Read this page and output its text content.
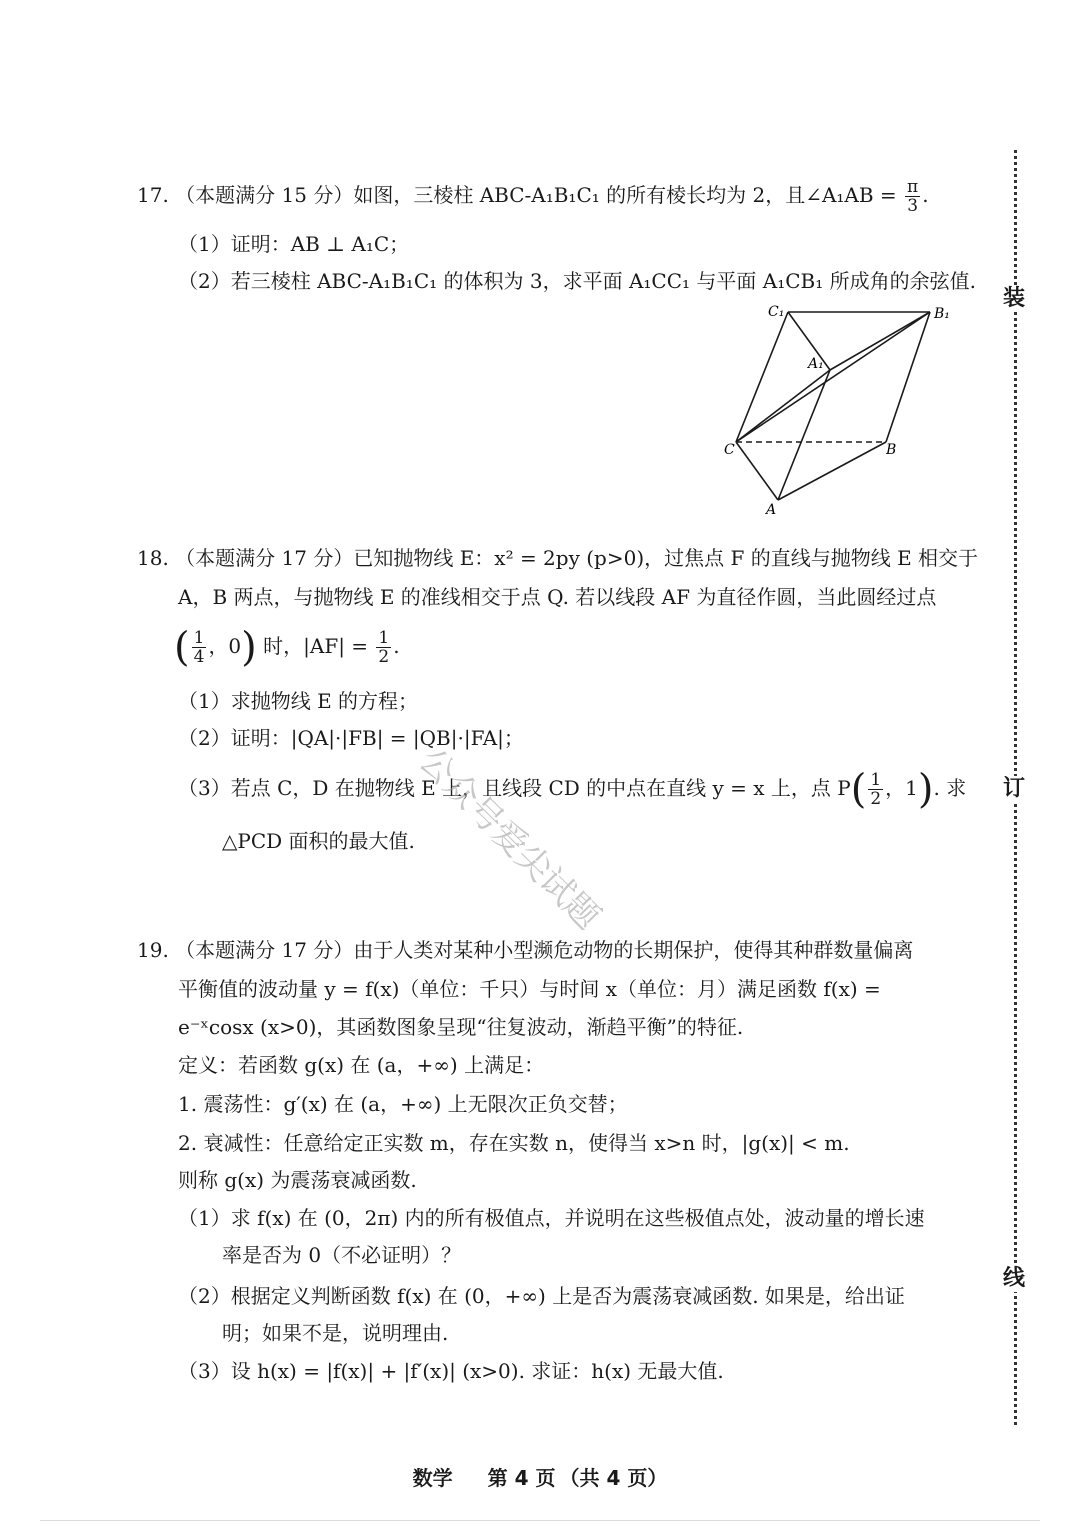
17. （本题满分 15 分）如图，三棱柱 ABC-A₁B₁C₁ 的所有棱长均为 2，且∠A₁AB = $\frac{\pi}{3}$ .
（1）证明：AB ⊥ A₁C；
（2）若三棱柱 ABC-A₁B₁C₁ 的体积为 3，求平面 A₁CC₁ 与平面 A₁CB₁ 所成角的余弦值.
C₁	B₁
A₁
C	B
A
18. （本题满分 17 分）已知抛物线 E：x² = 2py (p>0)，过焦点 F 的直线与抛物线 E 相交于
A，B 两点，与抛物线 E 的准线相交于点 Q. 若以线段 AF 为直径作圆，当此圆经过点
( $\frac{1}{4}$ ，0) 时，$|AF| = \frac{1}{2}$ .
（1）求抛物线 E 的方程；
（2）证明：|QA|·|FB| = |QB|·|FA|；
（3）若点 C，D 在抛物线 E 上，且线段 CD 的中点在直线 y = x 上，点 $P( \frac{1}{2}$ ，1). 求
△PCD 面积的最大值.
19. （本题满分 17 分）由于人类对某种小型濒危动物的长期保护，使得其种群数量偏离
平衡值的波动量 y = f(x)（单位：千只）与时间 x（单位：月）满足函数 f(x) =
e⁻ˣcosx (x>0)，其函数图象呈现“往复波动，渐趋平衡”的特征.
定义：若函数 g(x) 在 (a，+∞) 上满足：
1. 震荡性：g′(x) 在 (a，+∞) 上无限次正负交替；
2. 衰减性：任意给定正实数 m，存在实数 n，使得当 x>n 时，|g(x)| < m.
则称 g(x) 为震荡衰减函数.
（1）求 f(x) 在 (0，2π) 内的所有极值点，并说明在这些极值点处，波动量的增长速
率是否为 0（不必证明）？
（2）根据定义判断函数 f(x) 在 (0，+∞) 上是否为震荡衰减函数. 如果是，给出证
明；如果不是，说明理由.
（3）设 h(x) = |f(x)| + |f′(x)| (x>0). 求证：h(x) 无最大值.
公众号爱尖试题
装
订
线
数学 第 4 页 （共 4 页）
